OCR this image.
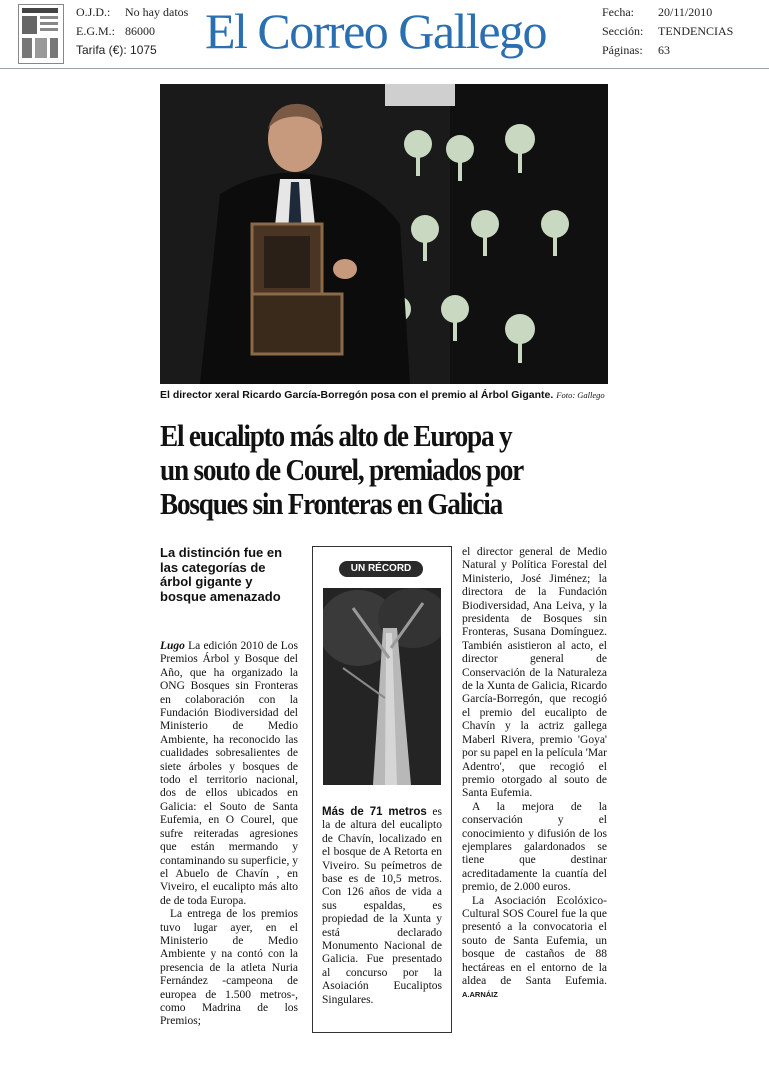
O.J.D.: No hay datos
E.G.M.: 86000
Tarifa (€): 1075 El Correo Gallego	Fecha: 20/11/2010
Sección: TENDENCIAS
Páginas: 63
El director xeral Ricardo García-Borregón posa con el premio al Árbol Gigante. Foto: Gallego
El eucalipto más alto de Europa y
un souto de Courel, premiados por
Bosques sin Fronteras en Galicia
La distinción fue en las categorías de árbol gigante y bosque amenazado

Lugo La edición 2010 de Los Premios Árbol y Bosque del Año, que ha organizado la ONG Bosques sin Fronteras en colaboración con la Fundación Biodiversidad del Ministerio de Medio Ambiente, ha reconocido las cualidades sobresalientes de siete árboles y bosques de todo el territorio nacional, dos de ellos ubicados en Galicia: el Souto de Santa Eufemia, en O Courel, que sufre reiteradas agresiones que están mermando y contaminando su superficie, y el Abuelo de Chavín , en Viveiro, el eucalipto más alto de de toda Europa.

La entrega de los premios tuvo lugar ayer, en el Ministerio de Medio Ambiente y na contó con la presencia de la atleta Nuria Fernández -campeona de europea de 1.500 metros-, como Madrina de los Premios;

UN RÉCORD

Más de 71 metros es la de altura del eucalipto de Chavín, localizado en el bosque de A Retorta en Viveiro. Su peímetros de base es de 10,5 metros. Con 126 años de vida a sus espaldas, es propiedad de la Xunta y está declarado Monumento Nacional de Galicia. Fue presentado al concurso por la Asoiación Eucaliptos Singulares.

el director general de Medio Natural y Política Forestal del Ministerio, José Jiménez; la directora de la Fundación Biodiversidad, Ana Leiva, y la presidenta de Bosques sin Fronteras, Susana Domínguez. También asistieron al acto, el director general de Conservación de la Naturaleza de la Xunta de Galicia, Ricardo García-Borregón, que recogió el premio del eucalipto de Chavín y la actriz gallega Maberl Rivera, premio 'Goya' por su papel en la película 'Mar Adentro', que recogió el premio otorgado al souto de Santa Eufemia.

A la mejora de la conservación y el conocimiento y difusión de los ejemplares galardonados se tiene que destinar acreditadamente la cuantía del premio, de 2.000 euros.

La Asociación Ecolóxico-Cultural SOS Courel fue la que presentó a la convocatoria el souto de Santa Eufemia, un bosque de castaños de 88 hectáreas en el entorno de la aldea de Santa Eufemia. A.ARNÁIZ
